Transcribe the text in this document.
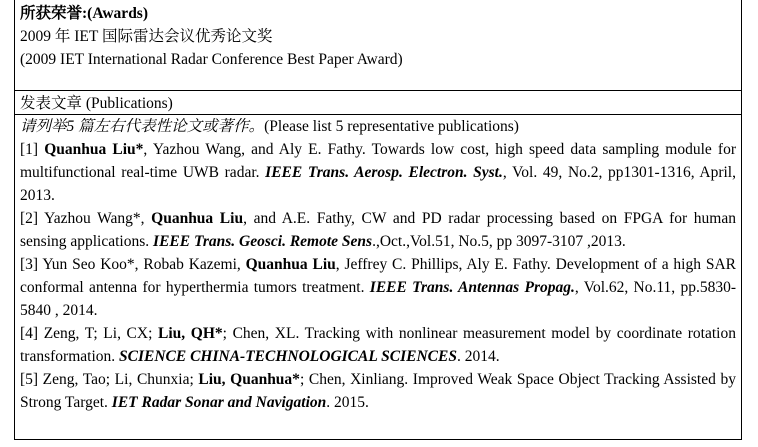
所获荣誉:(Awards)
2009 年 IET 国际雷达会议优秀论文奖
(2009 IET International Radar Conference Best Paper Award)
发表文章 (Publications)
请列举5 篇左右代表性论文或著作。(Please list 5 representative publications)
[1] Quanhua Liu*, Yazhou Wang, and Aly E. Fathy. Towards low cost, high speed data sampling module for multifunctional real-time UWB radar. IEEE Trans. Aerosp. Electron. Syst., Vol. 49, No.2, pp1301-1316, April, 2013.
[2] Yazhou Wang*, Quanhua Liu, and A.E. Fathy, CW and PD radar processing based on FPGA for human sensing applications. IEEE Trans. Geosci. Remote Sens.,Oct.,Vol.51, No.5, pp 3097-3107 ,2013.
[3] Yun Seo Koo*, Robab Kazemi, Quanhua Liu, Jeffrey C. Phillips, Aly E. Fathy. Development of a high SAR conformal antenna for hyperthermia tumors treatment. IEEE Trans. Antennas Propag., Vol.62, No.11, pp.5830-5840 , 2014.
[4] Zeng, T; Li, CX; Liu, QH*; Chen, XL. Tracking with nonlinear measurement model by coordinate rotation transformation. SCIENCE CHINA-TECHNOLOGICAL SCIENCES. 2014.
[5] Zeng, Tao; Li, Chunxia; Liu, Quanhua*; Chen, Xinliang. Improved Weak Space Object Tracking Assisted by Strong Target. IET Radar Sonar and Navigation. 2015.
